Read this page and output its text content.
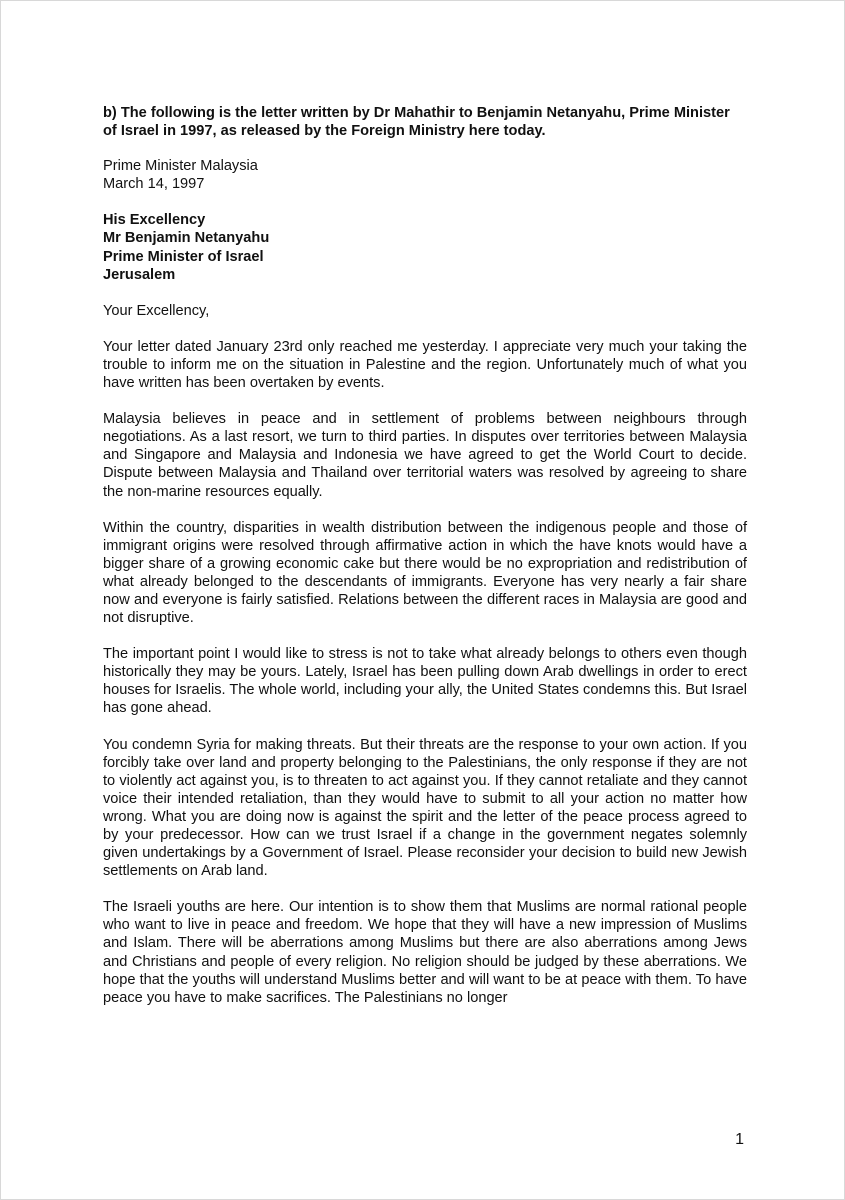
b) The following is the letter written by Dr Mahathir to Benjamin Netanyahu, Prime Minister of Israel in 1997, as released by the Foreign Ministry here today.

Prime Minister Malaysia
March 14, 1997
His Excellency
Mr Benjamin Netanyahu
Prime Minister of Israel
Jerusalem

Your Excellency,

Your letter dated January 23rd only reached me yesterday. I appreciate very much your taking the trouble to inform me on the situation in Palestine and the region. Unfortunately much of what you have written has been overtaken by events.

Malaysia believes in peace and in settlement of problems between neighbours through negotiations. As a last resort, we turn to third parties. In disputes over territories between Malaysia and Singapore and Malaysia and Indonesia we have agreed to get the World Court to decide. Dispute between Malaysia and Thailand over territorial waters was resolved by agreeing to share the non-marine resources equally.

Within the country, disparities in wealth distribution between the indigenous people and those of immigrant origins were resolved through affirmative action in which the have knots would have a bigger share of a growing economic cake but there would be no expropriation and redistribution of what already belonged to the descendants of immigrants. Everyone has very nearly a fair share now and everyone is fairly satisfied. Relations between the different races in Malaysia are good and not disruptive.

The important point I would like to stress is not to take what already belongs to others even though historically they may be yours. Lately, Israel has been pulling down Arab dwellings in order to erect houses for Israelis. The whole world, including your ally, the United States condemns this. But Israel has gone ahead.

You condemn Syria for making threats. But their threats are the response to your own action. If you forcibly take over land and property belonging to the Palestinians, the only response if they are not to violently act against you, is to threaten to act against you. If they cannot retaliate and they cannot voice their intended retaliation, than they would have to submit to all your action no matter how wrong. What you are doing now is against the spirit and the letter of the peace process agreed to by your predecessor. How can we trust Israel if a change in the government negates solemnly given undertakings by a Government of Israel. Please reconsider your decision to build new Jewish settlements on Arab land.

The Israeli youths are here. Our intention is to show them that Muslims are normal rational people who want to live in peace and freedom. We hope that they will have a new impression of Muslims and Islam. There will be aberrations among Muslims but there are also aberrations among Jews and Christians and people of every religion. No religion should be judged by these aberrations. We hope that the youths will understand Muslims better and will want to be at peace with them. To have peace you have to make sacrifices. The Palestinians no longer

1
